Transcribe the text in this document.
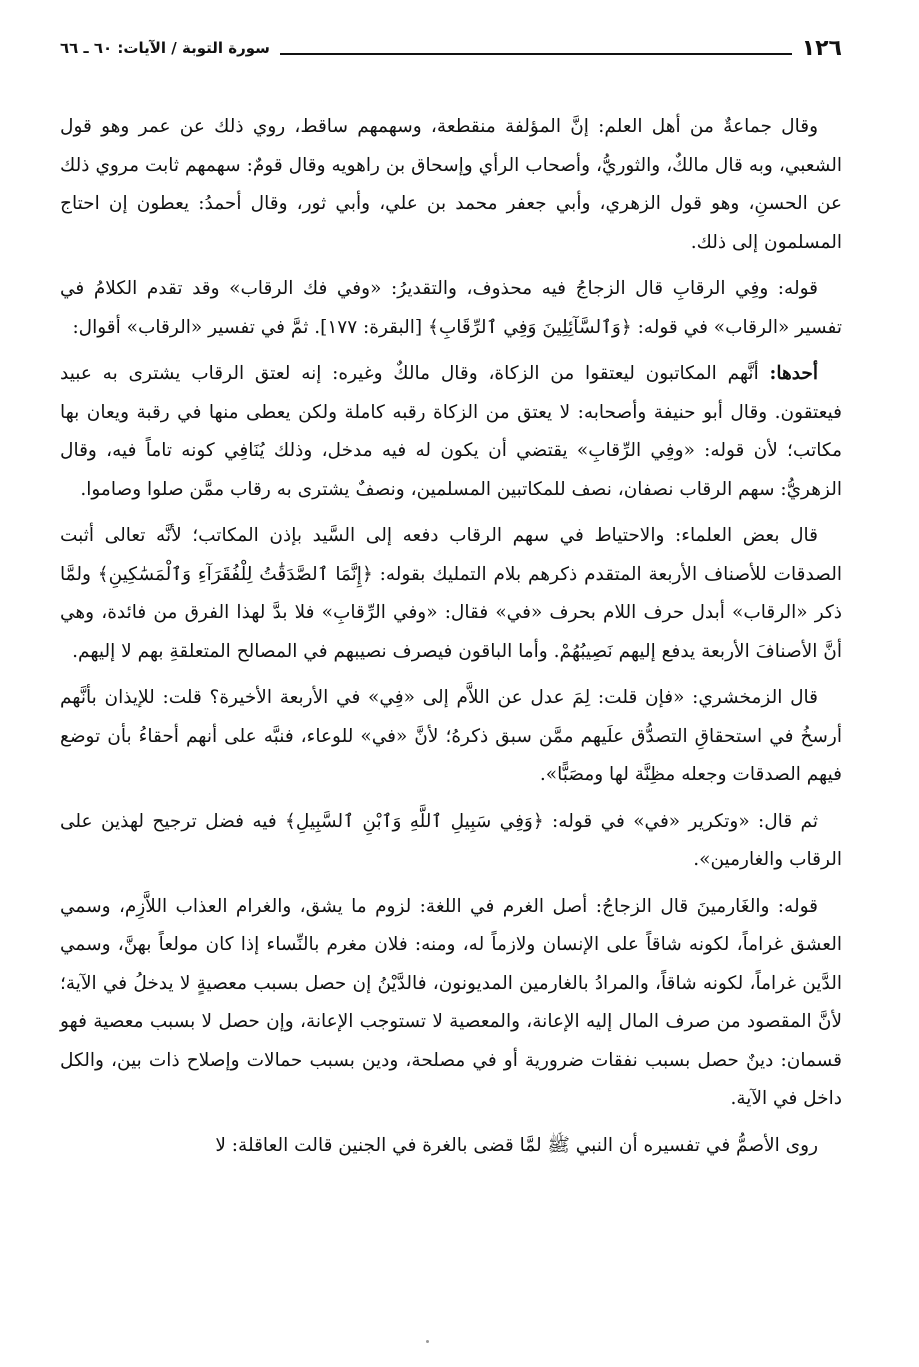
١٢٦
سورة التوبة / الآيات: ٦٠ ـ ٦٦

وقال جماعةٌ من أهل العلم: إنَّ المؤلفة منقطعة، وسهمهم ساقط، روي ذلك عن عمر وهو قول الشعبي، وبه قال مالكٌ، والثوريُّ، وأصحاب الرأي وإسحاق بن راهويه وقال قومٌ: سهمهم ثابت مروي ذلك عن الحسنِ، وهو قول الزهري، وأبي جعفر محمد بن علي، وأبي ثور، وقال أحمدُ: يعطون إن احتاج المسلمون إلى ذلك.

قوله: وفِي الرقابِ قال الزجاجُ فيه محذوف، والتقديرُ: «وفي فك الرقاب» وقد تقدم الكلامُ في تفسير «الرقاب» في قوله: ﴿وَٱلسَّآئِلِينَ وَفِي ٱلرِّقَابِ﴾ [البقرة: ١٧٧]. ثمَّ في تفسير «الرقاب» أقوال:

أحدها: أنَّهم المكاتبون ليعتقوا من الزكاة، وقال مالكٌ وغيره: إنه لعتق الرقاب يشترى به عبيد فيعتقون. وقال أبو حنيفة وأصحابه: لا يعتق من الزكاة رقبه كاملة ولكن يعطى منها في رقبة ويعان بها مكاتب؛ لأن قوله: «وفِي الرِّقابِ» يقتضي أن يكون له فيه مدخل، وذلك يُنَافِي كونه تاماً فيه، وقال الزهريُّ: سهم الرقاب نصفان، نصف للمكاتبين المسلمين، ونصفٌ يشترى به رقاب ممَّن صلوا وصاموا.

قال بعض العلماء: والاحتياط في سهم الرقاب دفعه إلى السَّيد بإذن المكاتب؛ لأنَّه تعالى أثبت الصدقات للأصناف الأربعة المتقدم ذكرهم بلام التمليك بقوله: ﴿إِنَّمَا ٱلصَّدَقَٰتُ لِلْفُقَرَآءِ وَٱلْمَسَٰكِينِ﴾ ولمَّا ذكر «الرقاب» أبدل حرف اللام بحرف «في» فقال: «وفي الرِّقابِ» فلا بدَّ لهذا الفرق من فائدة، وهي أنَّ الأصنافَ الأربعة يدفع إليهم نَصِيبُهُمْ. وأما الباقون فيصرف نصيبهم في المصالح المتعلقةِ بهم لا إليهم.

قال الزمخشري: «فإن قلت: لِمَ عدل عن اللاَّم إلى «فِي» في الأربعة الأخيرة؟ قلت: للإيذان بأنَّهم أرسخُ في استحقاقِ التصدُّق علَيهم ممَّن سبق ذكرهُ؛ لأنَّ «في» للوعاء، فنبَّه على أنهم أحقاءُ بأن توضع فيهم الصدقات وجعله مظِنَّة لها ومصَبًّا».

ثم قال: «وتكرير «في» في قوله: ﴿وَفِي سَبِيلِ ٱللَّهِ وَٱبْنِ ٱلسَّبِيلِ﴾ فيه فضل ترجيح لهذين على الرقاب والغارمين».

قوله: والغَارمينَ قال الزجاجُ: أصل الغرم في اللغة: لزوم ما يشق، والغرام العذاب اللاَّزِم، وسمي العشق غراماً، لكونه شاقاً على الإنسان ولازماً له، ومنه: فلان مغرم بالنِّساء إذا كان مولعاً بهنَّ، وسمي الدَّين غراماً، لكونه شاقاً، والمرادُ بالغارمين المديونون، فالدَّيْنُ إن حصل بسبب معصيةٍ لا يدخلُ في الآية؛ لأنَّ المقصود من صرف المال إليه الإعانة، والمعصية لا تستوجب الإعانة، وإن حصل لا بسبب معصية فهو قسمان: دينٌ حصل بسبب نفقات ضرورية أو في مصلحة، ودين بسبب حمالات وإصلاح ذات بين، والكل داخل في الآية.

روى الأصمُّ في تفسيره أن النبي ﷺ لمَّا قضى بالغرة في الجنين قالت العاقلة: لا
